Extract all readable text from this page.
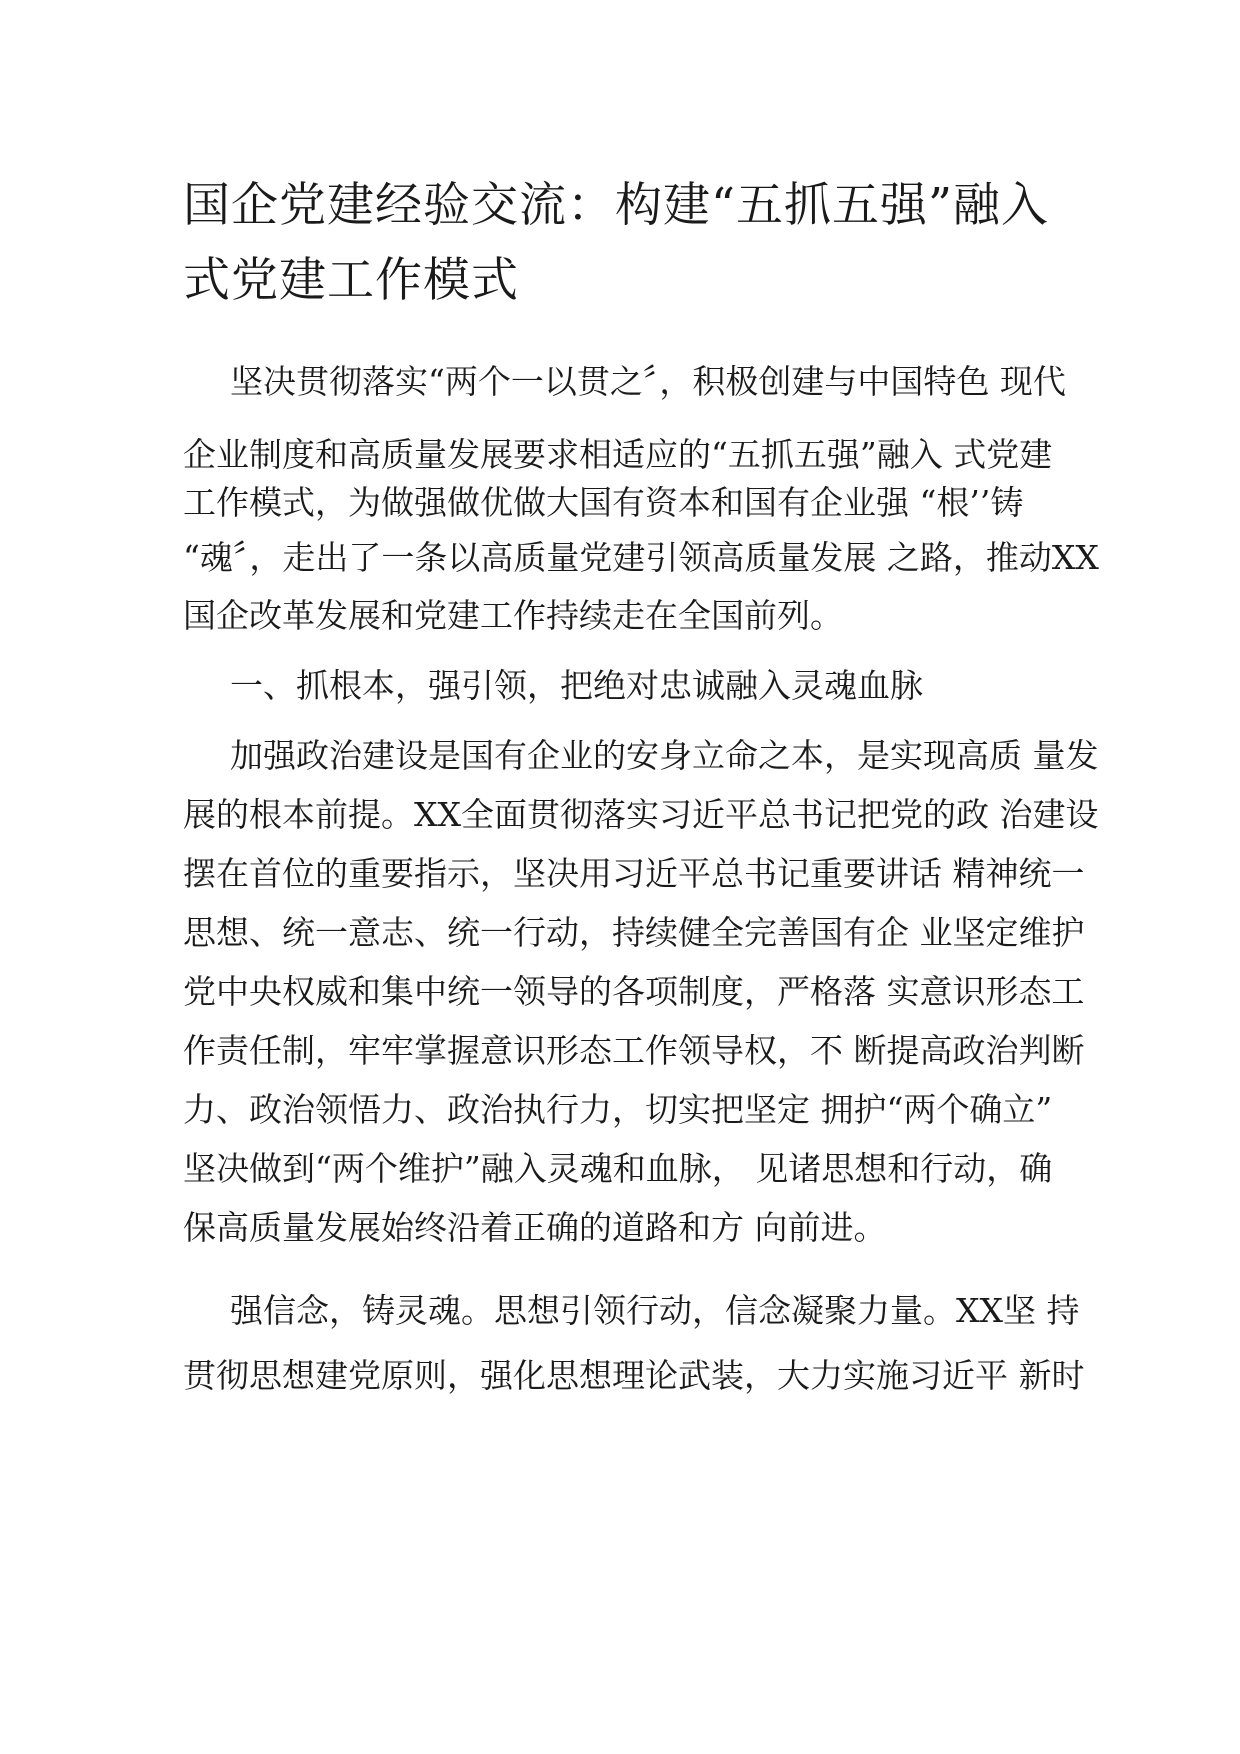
国企党建经验交流：构建“五抓五强”融入
式党建工作模式

坚决贯彻落实“两个一以贯之〞，积极创建与中国特色 现代

企业制度和高质量发展要求相适应的“五抓五强”融入 式党建

工作模式，为做强做优做大国有资本和国有企业强 “根’’铸

“魂〞，走出了一条以高质量党建引领高质量发展 之路，推动XX

国企改革发展和党建工作持续走在全国前列。

一、抓根本，强引领，把绝对忠诚融入灵魂血脉

加强政治建设是国有企业的安身立命之本，是实现高质 量发

展的根本前提。XX全面贯彻落实习近平总书记把党的政 治建设

摆在首位的重要指示，坚决用习近平总书记重要讲话 精神统一

思想、统一意志、统一行动，持续健全完善国有企 业坚定维护

党中央权威和集中统一领导的各项制度，严格落 实意识形态工

作责任制，牢牢掌握意识形态工作领导权，不 断提高政治判断

力、政治领悟力、政治执行力，切实把坚定 拥护“两个确立”

坚决做到“两个维护”融入灵魂和血脉， 见诸思想和行动，确

保高质量发展始终沿着正确的道路和方 向前进。

强信念，铸灵魂。思想引领行动，信念凝聚力量。XX坚 持

贯彻思想建党原则，强化思想理论武装，大力实施习近平 新时
